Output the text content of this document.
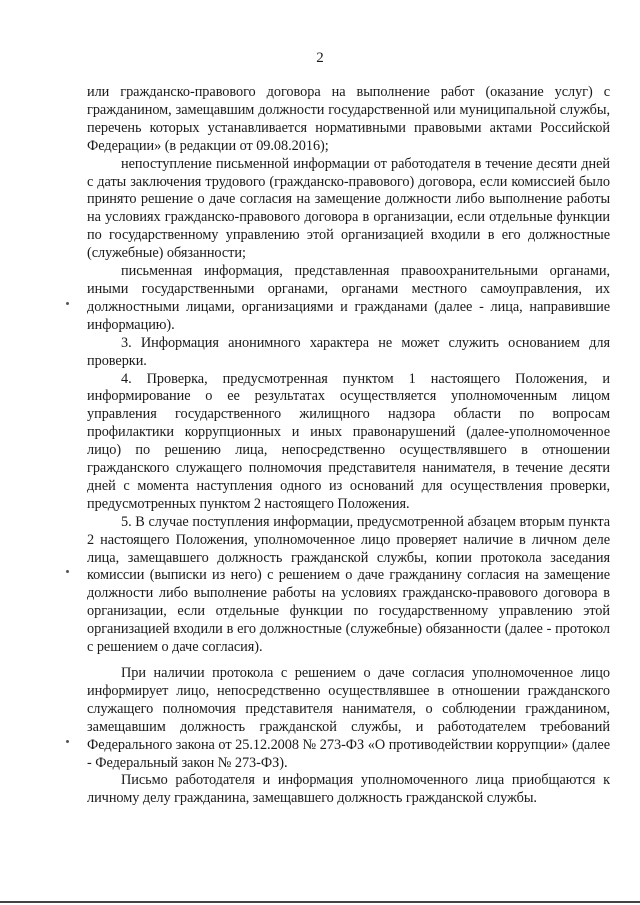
2

или гражданско-правового договора на выполнение работ (оказание услуг) с гражданином, замещавшим должности государственной или муниципальной службы, перечень которых устанавливается нормативными правовыми актами Российской Федерации» (в редакции от 09.08.2016);

непоступление письменной информации от работодателя в течение десяти дней с даты заключения трудового (гражданско-правового) договора, если комиссией было принято решение о даче согласия на замещение должности либо выполнение работы на условиях гражданско-правового договора в организации, если отдельные функции по государственному управлению этой организацией входили в его должностные (служебные) обязанности;

письменная информация, представленная правоохранительными органами, иными государственными органами, органами местного самоуправления, их должностными лицами, организациями и гражданами (далее - лица, направившие информацию).

3. Информация анонимного характера не может служить основанием для проверки.

4. Проверка, предусмотренная пунктом 1 настоящего Положения, и информирование о ее результатах осуществляется уполномоченным лицом управления государственного жилищного надзора области по вопросам профилактики коррупционных и иных правонарушений (далее-уполномоченное лицо) по решению лица, непосредственно осуществлявшего в отношении гражданского служащего полномочия представителя нанимателя, в течение десяти дней с момента наступления одного из оснований для осуществления проверки, предусмотренных пунктом 2 настоящего Положения.

5. В случае поступления информации, предусмотренной абзацем вторым пункта 2 настоящего Положения, уполномоченное лицо проверяет наличие в личном деле лица, замещавшего должность гражданской службы, копии протокола заседания комиссии (выписки из него) с решением о даче гражданину согласия на замещение должности либо выполнение работы на условиях гражданско-правового договора в организации, если отдельные функции по государственному управлению этой организацией входили в его должностные (служебные) обязанности (далее - протокол с решением о даче согласия).

При наличии протокола с решением о даче согласия уполномоченное лицо информирует лицо, непосредственно осуществлявшее в отношении гражданского служащего полномочия представителя нанимателя, о соблюдении гражданином, замещавшим должность гражданской службы, и работодателем требований Федерального закона от 25.12.2008 № 273-ФЗ «О противодействии коррупции» (далее - Федеральный закон № 273-ФЗ).

Письмо работодателя и информация уполномоченного лица приобщаются к личному делу гражданина, замещавшего должность гражданской службы.
